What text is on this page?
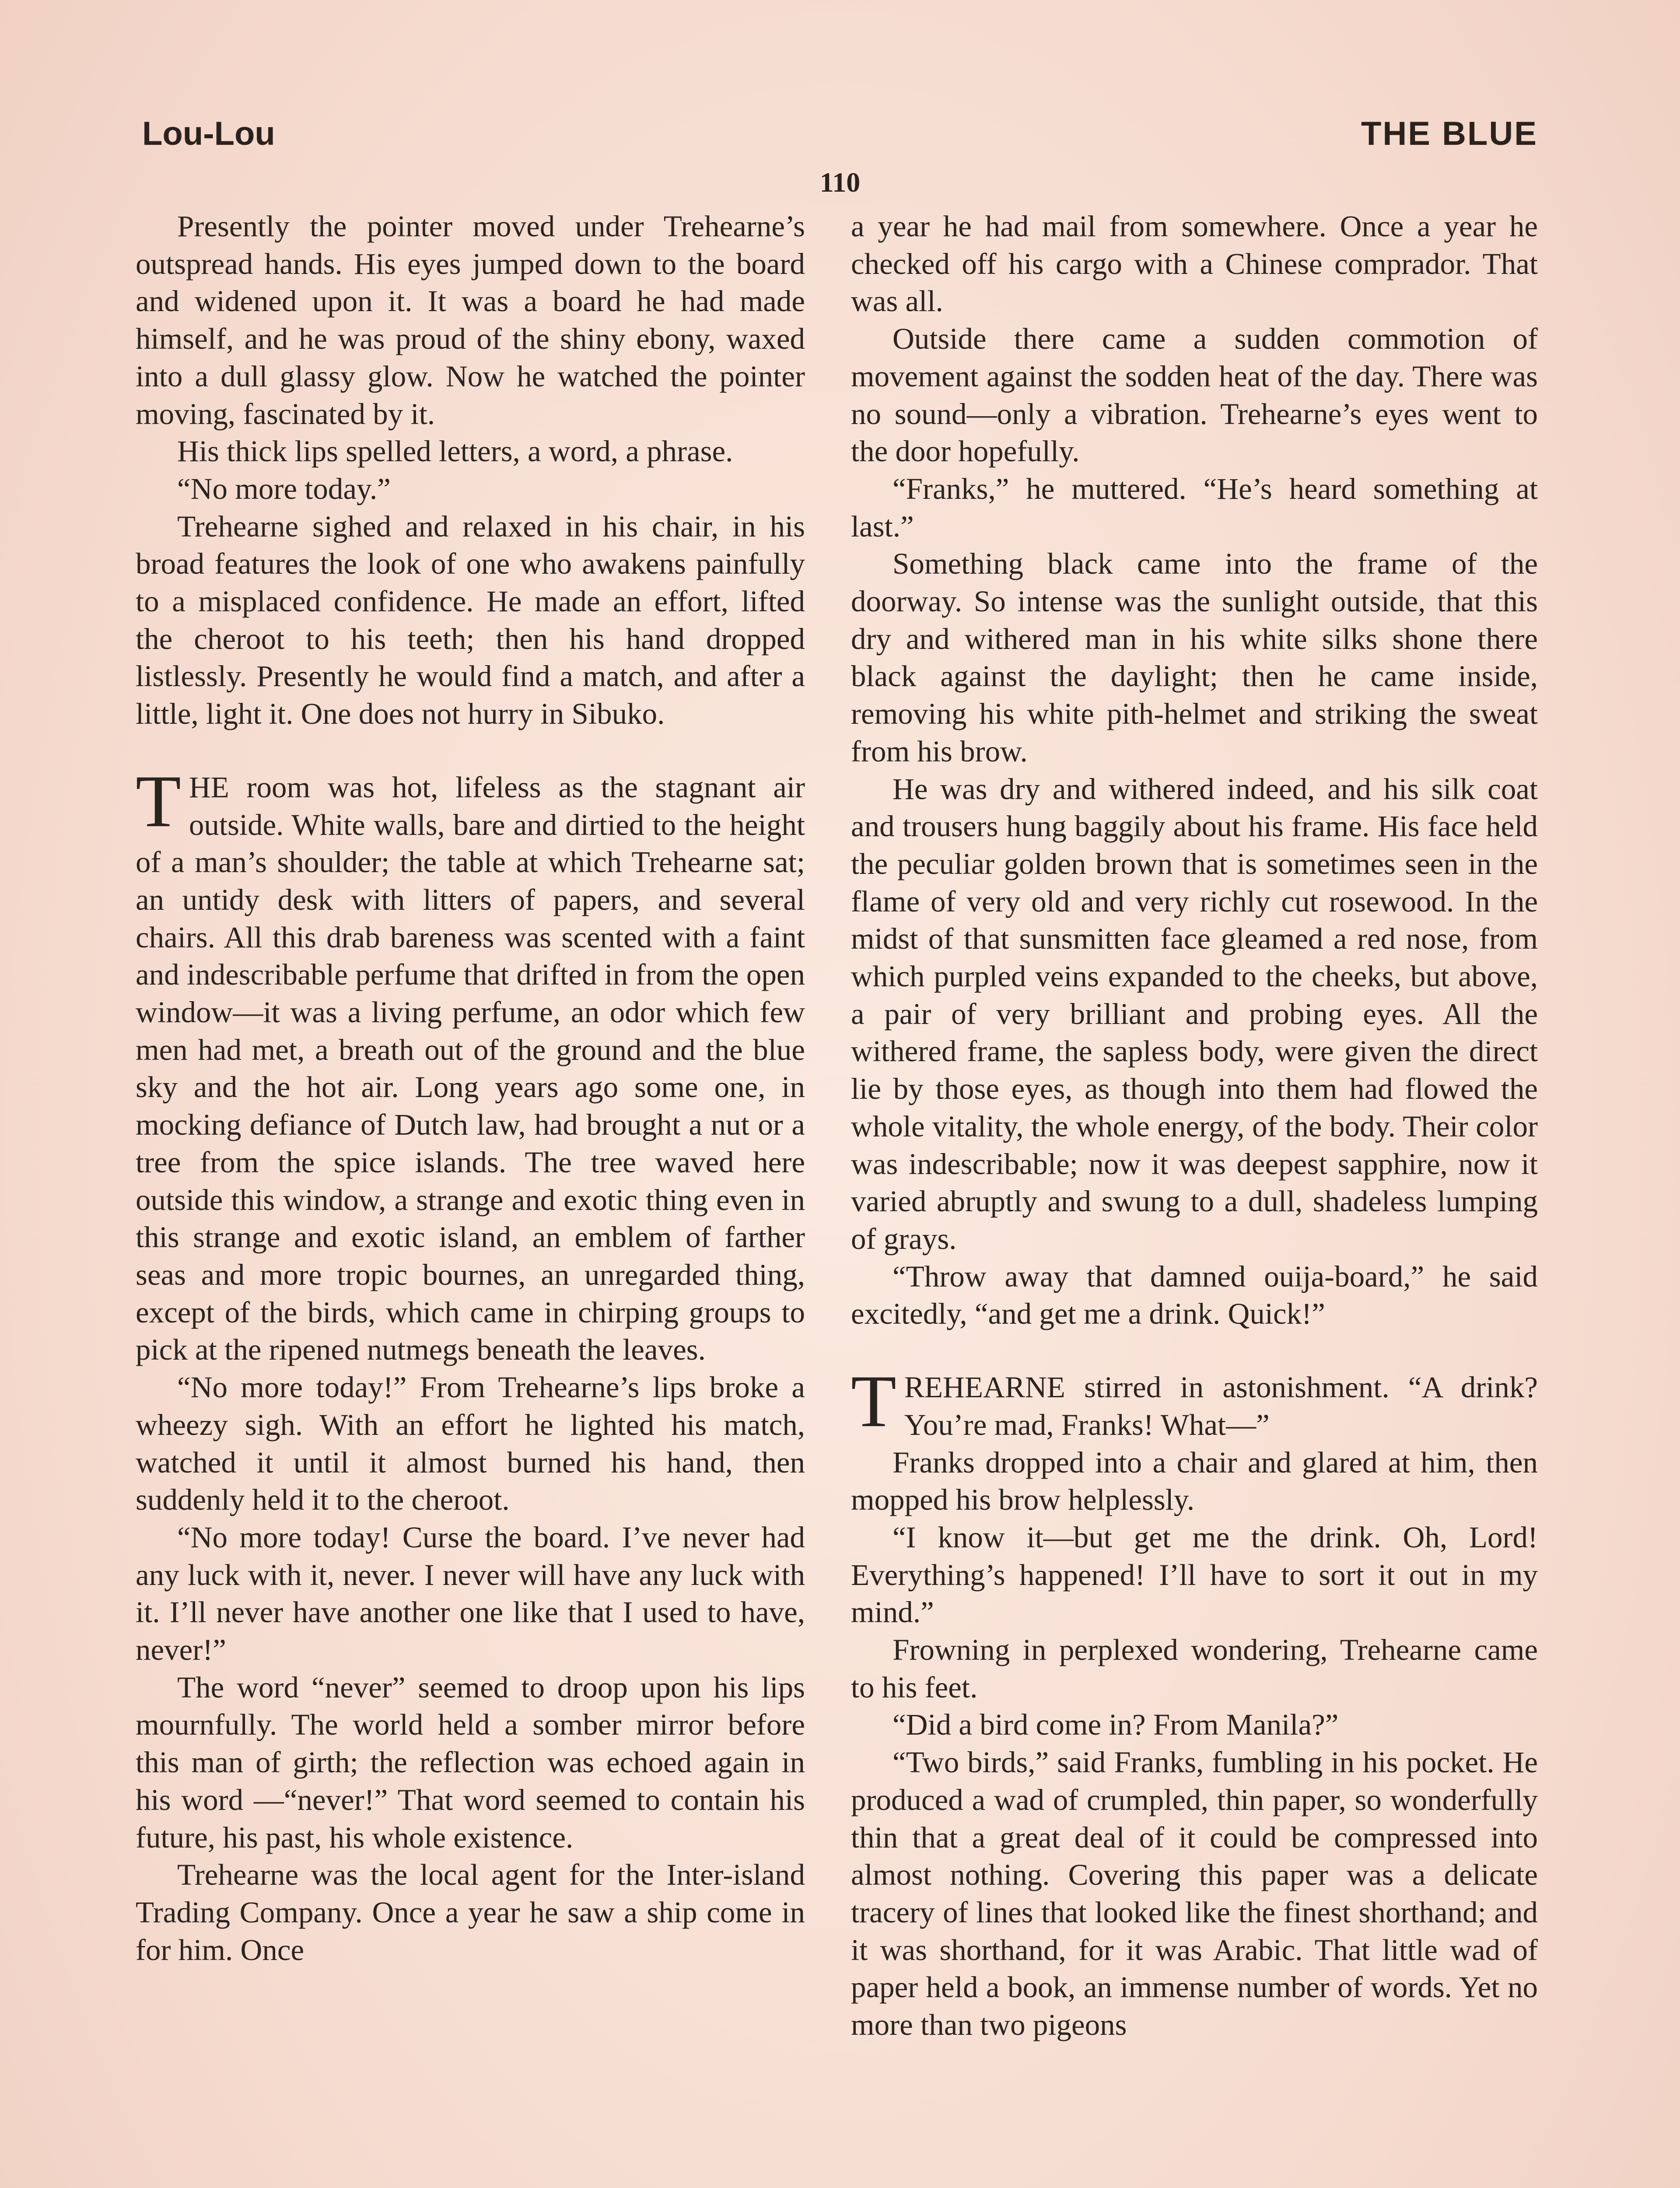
Lou-Lou	THE BLUE
110

Presently the pointer moved under Trehearne’s outspread hands. His eyes jumped down to the board and widened upon it. It was a board he had made himself, and he was proud of the shiny ebony, waxed into a dull glassy glow. Now he watched the pointer moving, fascinated by it.

His thick lips spelled letters, a word, a phrase.

“No more today.”

Trehearne sighed and relaxed in his chair, in his broad features the look of one who awakens painfully to a misplaced confidence. He made an effort, lifted the cheroot to his teeth; then his hand dropped listlessly. Presently he would find a match, and after a little, light it. One does not hurry in Sibuko.

THE room was hot, lifeless as the stagnant air outside. White walls, bare and dirtied to the height of a man’s shoulder; the table at which Trehearne sat; an untidy desk with litters of papers, and several chairs. All this drab bareness was scented with a faint and indescribable perfume that drifted in from the open window—it was a living perfume, an odor which few men had met, a breath out of the ground and the blue sky and the hot air. Long years ago some one, in mocking defiance of Dutch law, had brought a nut or a tree from the spice islands. The tree waved here outside this window, a strange and exotic thing even in this strange and exotic island, an emblem of farther seas and more tropic bournes, an unregarded thing, except of the birds, which came in chirping groups to pick at the ripened nutmegs beneath the leaves.

“No more today!” From Trehearne’s lips broke a wheezy sigh. With an effort he lighted his match, watched it until it almost burned his hand, then suddenly held it to the cheroot.

“No more today! Curse the board. I’ve never had any luck with it, never. I never will have any luck with it. I’ll never have another one like that I used to have, never!”

The word “never” seemed to droop upon his lips mournfully. The world held a somber mirror before this man of girth; the reflection was echoed again in his word —“never!” That word seemed to contain his future, his past, his whole existence.

Trehearne was the local agent for the Inter-island Trading Company. Once a year he saw a ship come in for him. Once

a year he had mail from somewhere. Once a year he checked off his cargo with a Chinese comprador. That was all.

Outside there came a sudden commotion of movement against the sodden heat of the day. There was no sound—only a vibration. Trehearne’s eyes went to the door hopefully.

“Franks,” he muttered. “He’s heard something at last.”

Something black came into the frame of the doorway. So intense was the sunlight outside, that this dry and withered man in his white silks shone there black against the daylight; then he came inside, removing his white pith-helmet and striking the sweat from his brow.

He was dry and withered indeed, and his silk coat and trousers hung baggily about his frame. His face held the peculiar golden brown that is sometimes seen in the flame of very old and very richly cut rosewood. In the midst of that sunsmitten face gleamed a red nose, from which purpled veins expanded to the cheeks, but above, a pair of very brilliant and probing eyes. All the withered frame, the sapless body, were given the direct lie by those eyes, as though into them had flowed the whole vitality, the whole energy, of the body. Their color was indescribable; now it was deepest sapphire, now it varied abruptly and swung to a dull, shadeless lumping of grays.

“Throw away that damned ouija-board,” he said excitedly, “and get me a drink. Quick!”

TREHEARNE stirred in astonishment. “A drink? You’re mad, Franks! What—”

Franks dropped into a chair and glared at him, then mopped his brow helplessly.

“I know it—but get me the drink. Oh, Lord! Everything’s happened! I’ll have to sort it out in my mind.”

Frowning in perplexed wondering, Trehearne came to his feet.

“Did a bird come in? From Manila?”

“Two birds,” said Franks, fumbling in his pocket. He produced a wad of crumpled, thin paper, so wonderfully thin that a great deal of it could be compressed into almost nothing. Covering this paper was a delicate tracery of lines that looked like the finest shorthand; and it was shorthand, for it was Arabic. That little wad of paper held a book, an immense number of words. Yet no more than two pigeons
